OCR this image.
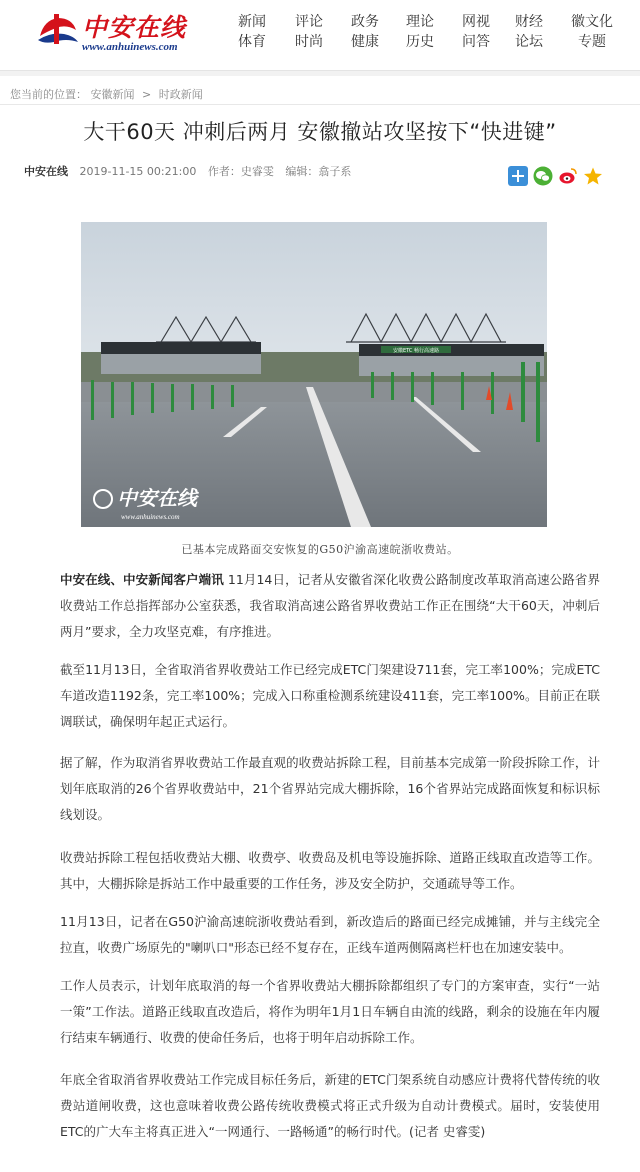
中安在线
www.anhuinews.com
新闻
体育
评论
时尚
政务
健康
理论
历史
网视
问答
财经
论坛
徽文化
专题
您当前的位置： 安徽新闻 > 时政新闻
大干60天 冲刺后两月 安徽撤站攻坚按下“快进键”
中安在线 2019-11-15 00:21:00 作者：史睿雯 编辑：翕子系
安徽ETC 畅行高速路
中安在线
www.anhuinews.com
已基本完成路面交安恢复的G50沪渝高速皖浙收费站。

中安在线、中安新闻客户端讯 11月14日，记者从安徽省深化收费公路制度改革取消高速公路省界收费站工作总指挥部办公室获悉，我省取消高速公路省界收费站工作正在围绕“大干60天，冲刺后两月”要求，全力攻坚克难，有序推进。

截至11月13日，全省取消省界收费站工作已经完成ETC门架建设711套，完工率100%；完成ETC车道改造1192条，完工率100%；完成入口称重检测系统建设411套，完工率100%。目前正在联调联试，确保明年起正式运行。

据了解，作为取消省界收费站工作最直观的收费站拆除工程，目前基本完成第一阶段拆除工作，计划年底取消的26个省界收费站中，21个省界站完成大棚拆除，16个省界站完成路面恢复和标识标线划设。

收费站拆除工程包括收费站大棚、收费亭、收费岛及机电等设施拆除、道路正线取直改造等工作。其中，大棚拆除是拆站工作中最重要的工作任务，涉及安全防护，交通疏导等工作。

11月13日，记者在G50沪渝高速皖浙收费站看到，新改造后的路面已经完成摊铺，并与主线完全拉直，收费广场原先的"喇叭口"形态已经不复存在，正线车道两侧隔离栏杆也在加速安装中。

工作人员表示，计划年底取消的每一个省界收费站大棚拆除都组织了专门的方案审查，实行“一站一策”工作法。道路正线取直改造后，将作为明年1月1日车辆自由流的线路，剩余的设施在年内履行结束车辆通行、收费的使命任务后，也将于明年启动拆除工作。

年底全省取消省界收费站工作完成目标任务后，新建的ETC门架系统自动感应计费将代替传统的收费站道闸收费，这也意味着收费公路传统收费模式将正式升级为自动计费模式。届时，安装使用ETC的广大车主将真正进入“一网通行、一路畅通”的畅行时代。(记者 史睿雯)
